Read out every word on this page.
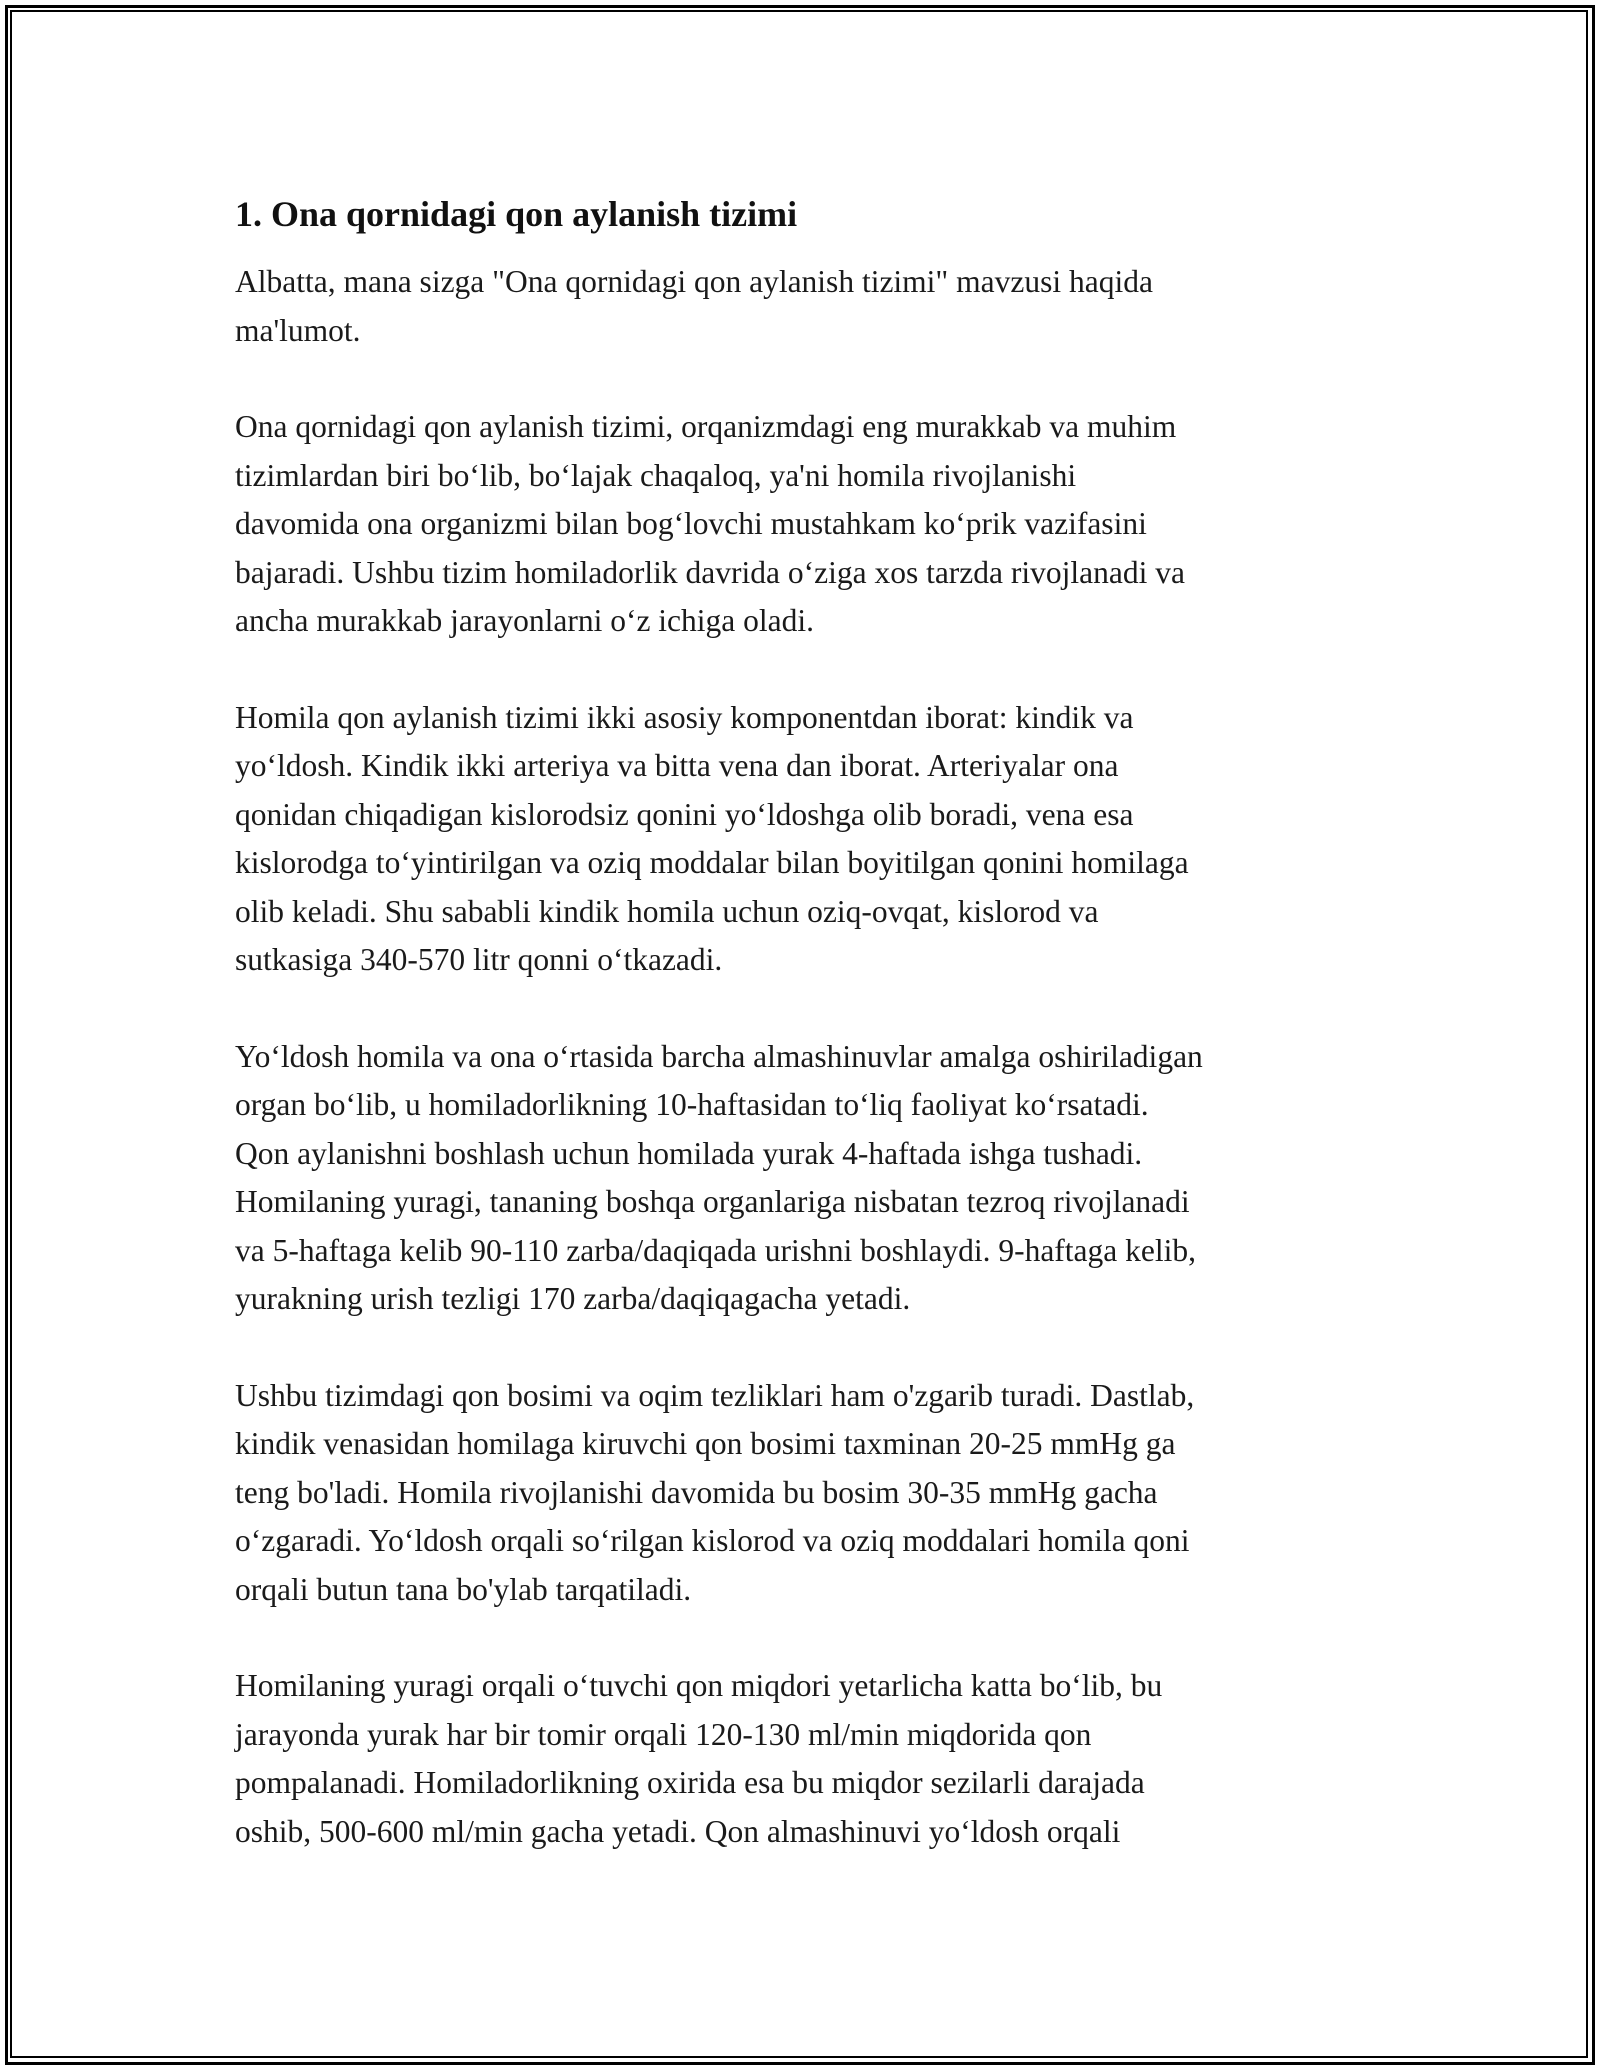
1. Ona qornidagi qon aylanish tizimi

Albatta, mana sizga "Ona qornidagi qon aylanish tizimi" mavzusi haqida
ma'lumot.

Ona qornidagi qon aylanish tizimi, orqanizmdagi eng murakkab va muhim
tizimlardan biri boʻlib, boʻlajak chaqaloq, ya'ni homila rivojlanishi
davomida ona organizmi bilan bogʻlovchi mustahkam koʻprik vazifasini
bajaradi. Ushbu tizim homiladorlik davrida oʻziga xos tarzda rivojlanadi va
ancha murakkab jarayonlarni oʻz ichiga oladi.

Homila qon aylanish tizimi ikki asosiy komponentdan iborat: kindik va
yoʻldosh. Kindik ikki arteriya va bitta vena dan iborat. Arteriyalar ona
qonidan chiqadigan kislorodsiz qonini yoʻldoshga olib boradi, vena esa
kislorodga toʻyintirilgan va oziq moddalar bilan boyitilgan qonini homilaga
olib keladi. Shu sababli kindik homila uchun oziq-ovqat, kislorod va
sutkasiga 340-570 litr qonni oʻtkazadi.

Yoʻldosh homila va ona oʻrtasida barcha almashinuvlar amalga oshiriladigan
organ boʻlib, u homiladorlikning 10-haftasidan toʻliq faoliyat koʻrsatadi.
Qon aylanishni boshlash uchun homilada yurak 4-haftada ishga tushadi.
Homilaning yuragi, tananing boshqa organlariga nisbatan tezroq rivojlanadi
va 5-haftaga kelib 90-110 zarba/daqiqada urishni boshlaydi. 9-haftaga kelib,
yurakning urish tezligi 170 zarba/daqiqagacha yetadi.

Ushbu tizimdagi qon bosimi va oqim tezliklari ham o'zgarib turadi. Dastlab,
kindik venasidan homilaga kiruvchi qon bosimi taxminan 20-25 mmHg ga
teng bo'ladi. Homila rivojlanishi davomida bu bosim 30-35 mmHg gacha
oʻzgaradi. Yoʻldosh orqali soʻrilgan kislorod va oziq moddalari homila qoni
orqali butun tana bo'ylab tarqatiladi.

Homilaning yuragi orqali oʻtuvchi qon miqdori yetarlicha katta boʻlib, bu
jarayonda yurak har bir tomir orqali 120-130 ml/min miqdorida qon
pompalanadi. Homiladorlikning oxirida esa bu miqdor sezilarli darajada
oshib, 500-600 ml/min gacha yetadi. Qon almashinuvi yoʻldosh orqali
